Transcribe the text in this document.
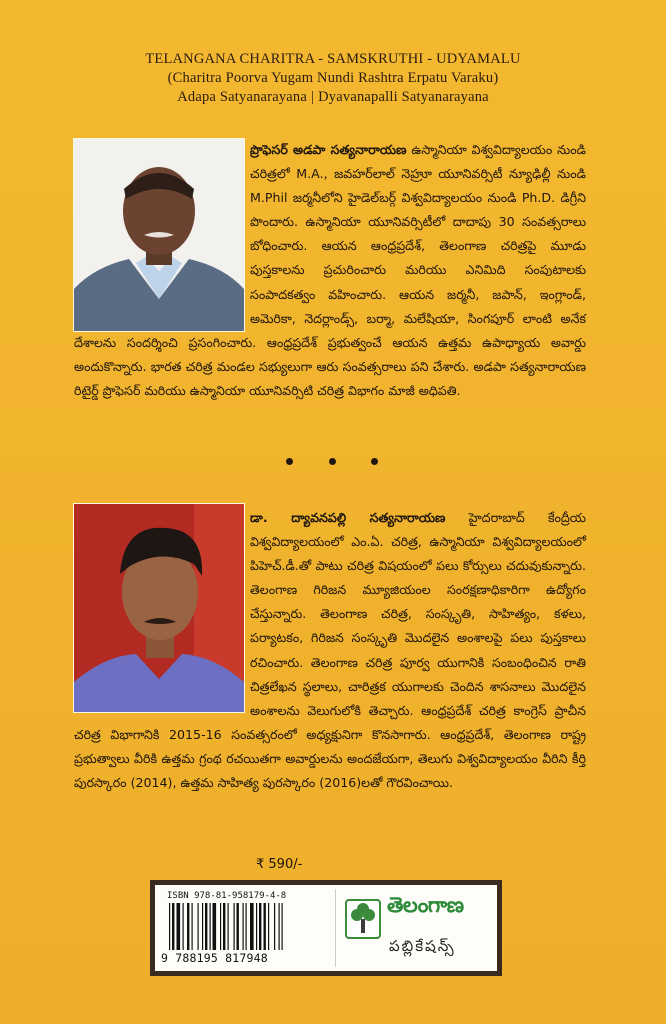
TELANGANA CHARITRA - SAMSKRUTHI - UDYAMALU
(Charitra Poorva Yugam Nundi Rashtra Erpatu Varaku)
Adapa Satyanarayana | Dyavanapalli Satyanarayana
ప్రొఫెసర్ అడపా సత్యనారాయణ ఉస్మానియా విశ్వవిద్యాలయం నుండి చరిత్రలో M.A., జవహర్‌లాల్ నెహ్రూ యూనివర్సిటీ న్యూఢిల్లీ నుండి M.Phil జర్మనీలోని హైడెల్‌బర్గ్ విశ్వవిద్యాలయం నుండి Ph.D. డిగ్రీని పొందారు. ఉస్మానియా యూనివర్సిటీలో దాదాపు 30 సంవత్సరాలు బోధించారు. ఆయన ఆంధ్రప్రదేశ్, తెలంగాణ చరిత్రపై మూడు పుస్తకాలను ప్రచురించారు మరియు ఎనిమిది సంపుటాలకు సంపాదకత్వం వహించారు. ఆయన జర్మనీ, జపాన్, ఇంగ్లాండ్, అమెరికా, నెదర్లాండ్స్, బర్మా, మలేషియా, సింగపూర్ లాంటి అనేక దేశాలను సందర్శించి ప్రసంగించారు. ఆంధ్రప్రదేశ్ ప్రభుత్వంచే ఆయన ఉత్తమ ఉపాధ్యాయ అవార్డు అందుకొన్నారు. భారత చరిత్ర మండల సభ్యులుగా ఆరు సంవత్సరాలు పని చేశారు. అడపా సత్యనారాయణ రిటైర్డ్ ప్రొఫెసర్ మరియు ఉస్మానియా యూనివర్సిటి చరిత్ర విభాగం మాజీ అధిపతి.
డా. ద్యావనపల్లి సత్యనారాయణ హైదరాబాద్ కేంద్రీయ విశ్వవిద్యాలయంలో ఎం.ఏ. చరిత్ర, ఉస్మానియా విశ్వవిద్యాలయంలో పిహెచ్.డీ.తో పాటు చరిత్ర విషయంలో పలు కోర్సులు చదువుకున్నారు. తెలంగాణ గిరిజన మ్యూజియంల సంరక్షణాధికారిగా ఉద్యోగం చేస్తున్నారు. తెలంగాణ చరిత్ర, సంస్కృతి, సాహిత్యం, కళలు, పర్యాటకం, గిరిజన సంస్కృతి మొదలైన అంశాలపై పలు పుస్తకాలు రచించారు. తెలంగాణ చరిత్ర పూర్వ యుగానికి సంబంధించిన రాతి చిత్రలేఖన స్థలాలు, చారిత్రక యుగాలకు చెందిన శాసనాలు మొదలైన అంశాలను వెలుగులోకి తెచ్చారు. ఆంధ్రప్రదేశ్ చరిత్ర కాంగ్రెస్ ప్రాచీన చరిత్ర విభాగానికి 2015-16 సంవత్సరంలో అధ్యక్షునిగా కొనసాగారు. ఆంధ్రప్రదేశ్, తెలంగాణ రాష్ట్ర ప్రభుత్వాలు వీరికి ఉత్తమ గ్రంథ రచయితగా అవార్డులను అందజేయగా, తెలుగు విశ్వవిద్యాలయం వీరిని కీర్తి పురస్కారం (2014), ఉత్తమ సాహిత్య పురస్కారం (2016)లతో గౌరవించాయి.
₹ 590/-
ISBN 978-81-958179-4-8
9 788195 817948
తెలంగాణ
పబ్లికేషన్స్
